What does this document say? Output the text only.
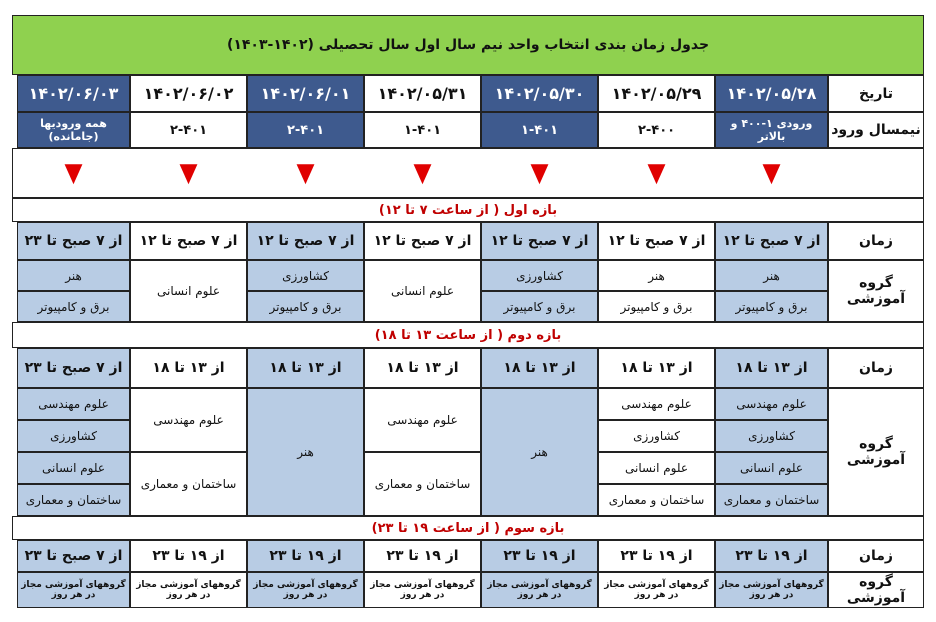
جدول زمان بندی انتخاب واحد نیم سال اول سال تحصیلی (۱۴۰۲-۱۴۰۳)
تاریخ
۱۴۰۲/۰۵/۲۸
۱۴۰۲/۰۵/۲۹
۱۴۰۲/۰۵/۳۰
۱۴۰۲/۰۵/۳۱
۱۴۰۲/۰۶/۰۱
۱۴۰۲/۰۶/۰۲
۱۴۰۲/۰۶/۰۳
نیمسال ورود
ورودی ۱-۴۰۰ و بالاتر
۲-۴۰۰
۱-۴۰۱
۱-۴۰۱
۲-۴۰۱
۲-۴۰۱
همه ورودیها (جامانده)
▼
▼
▼
▼
▼
▼
▼
بازه اول ( از ساعت ۷ تا ۱۲)
زمان
از ۷ صبح تا ۱۲
از ۷ صبح تا ۱۲
از ۷ صبح تا ۱۲
از ۷ صبح تا ۱۲
از ۷ صبح تا ۱۲
از ۷ صبح تا ۱۲
از ۷ صبح تا ۲۳
گروه آموزشی
هنر
برق و کامپیوتر
هنر
برق و کامپیوتر
کشاورزی
برق و کامپیوتر
علوم انسانی
کشاورزی
برق و کامپیوتر
علوم انسانی
هنر
برق و کامپیوتر
بازه دوم ( از ساعت ۱۳ تا ۱۸)
زمان
از ۱۳ تا ۱۸
از ۱۳ تا ۱۸
از ۱۳ تا ۱۸
از ۱۳ تا ۱۸
از ۱۳ تا ۱۸
از ۱۳ تا ۱۸
از ۷ صبح تا ۲۳
گروه آموزشی
علوم مهندسی
کشاورزی
علوم انسانی
ساختمان و معماری
علوم مهندسی
کشاورزی
علوم انسانی
ساختمان و معماری
هنر
علوم مهندسی
ساختمان و معماری
هنر
علوم مهندسی
ساختمان و معماری
علوم مهندسی
کشاورزی
علوم انسانی
ساختمان و معماری
بازه سوم ( از ساعت ۱۹ تا ۲۳)
زمان
از ۱۹ تا ۲۳
از ۱۹ تا ۲۳
از ۱۹ تا ۲۳
از ۱۹ تا ۲۳
از ۱۹ تا ۲۳
از ۱۹ تا ۲۳
از ۷ صبح تا ۲۳
گروه آموزشی
گروههای آموزشی مجاز در هر روز
گروههای آموزشی مجاز در هر روز
گروههای آموزشی مجاز در هر روز
گروههای آموزشی مجاز در هر روز
گروههای آموزشی مجاز در هر روز
گروههای آموزشی مجاز در هر روز
گروههای آموزشی مجاز در هر روز
